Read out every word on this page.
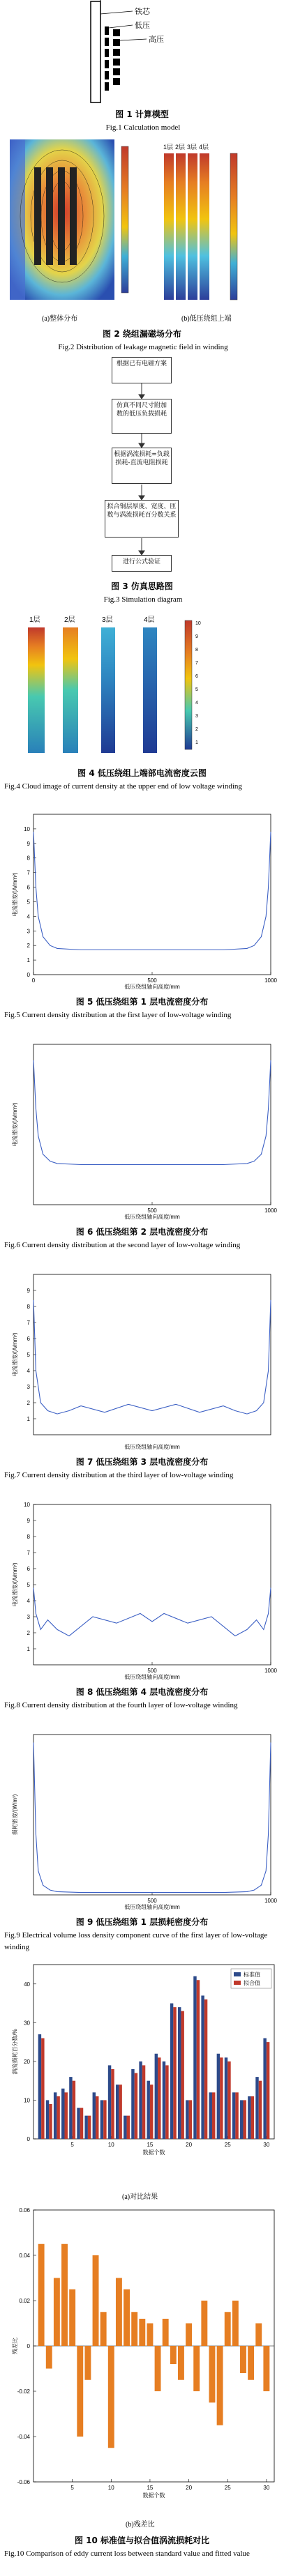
铁芯
低压
高压
图 1 计算模型
Fig.1 Calculation model
1层 2层 3层 4层
(a)整体分布	(b)低压绕组上端
图 2 绕组漏磁场分布
Fig.2 Distribution of leakage magnetic field in winding
根据已有电磁方案
仿真不同尺寸附加数的低压负载损耗
根据涡流损耗=负载损耗-直流电阻损耗
拟合铜层厚度、宽度、匝数与涡流损耗百分数关系
进行公式验证
图 3 仿真思路图
Fig.3 Simulation diagram
1层	2层	3层	4层	10
9
8
7
6
5
4
3
2
1
图 4 低压绕组上端部电流密度云图
Fig.4 Cloud image of current density at the upper end of low voltage winding
0
1
2
3
4
5
6
7
8
9
10
0	500	1000
低压绕组轴向高度/mm
电流密度/(A/mm²)
图 5 低压绕组第 1 层电流密度分布
Fig.5 Current density distribution at the first layer of low-voltage winding
500	1000
低压绕组轴向高度/mm
电流密度/(A/mm²)
图 6 低压绕组第 2 层电流密度分布
Fig.6 Current density distribution at the second layer of low-voltage winding
1
2
3
4
5
6
7
8
9
低压绕组轴向高度/mm
电流密度/(A/mm²)
图 7 低压绕组第 3 层电流密度分布
Fig.7 Current density distribution at the third layer of low-voltage winding
1
2
3
4
5
6
7
8
9
10
500	1000
低压绕组轴向高度/mm
电流密度/(A/mm²)
图 8 低压绕组第 4 层电流密度分布
Fig.8 Current density distribution at the fourth layer of low-voltage winding
500	1000
低压绕组轴向高度/mm
损耗密度/(W/m³)
图 9 低压绕组第 1 层损耗密度分布
Fig.9 Electrical volume loss density component curve of the first layer of low-voltage winding
0
10
20
30
40
5	10	15	20	25	30
数据个数
涡流损耗百分数/%
标准值
拟合值
(a)对比结果
-0.06
-0.04
-0.02
0
0.02
0.04
0.06
5	10	15	20	25	30
数据个数
残差比
(b)残差比
图 10 标准值与拟合值涡流损耗对比
Fig.10 Comparison of eddy current loss between standard value and fitted value
